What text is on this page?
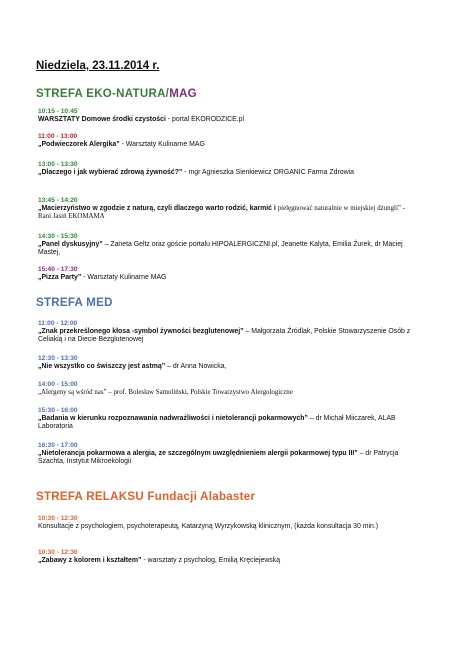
Niedziela, 23.11.2014 r.
STREFA EKO-NATURA/MAG
10:15 - 10:45
WARSZTATY Domowe środki czystości - portal EKORODZICE.pl
11:00 - 13:00
„Podwieczorek Alergika” - Warsztaty Kulinarne MAG
13:00 - 13:30
„Dlaczego i jak wybierać zdrową żywność?” - mgr Agnieszka Sienkiewicz ORGANIC Farma Zdrowia
13:45 - 14:20
„Macierzyństwo w zgodzie z naturą, czyli dlaczego warto rodzić, karmić i pielęgnować naturalnie w miejskiej dżungli” - Rani Jasiń EKOMAMA
14:30 - 15:30
„Panel dyskusyjny” – Zaneta Geltz oraz goście portalu HIPOALERGICZNI.pl, Jeanette Kalyta, Emilia Żurek, dr Maciej Mastej,
15:40 - 17:30
„Pizza Party” - Warsztaty Kulinarne MAG
STREFA MED
11:00 - 12:00
„Znak przekreślonego kłosa -symbol żywności bezglutenowej” – Małgorzata Źródlak, Polskie Stowarzyszenie Osób z Celiakią i na Diecie Bezglutenowej
12:30 - 13:30
„Nie wszystko co świszczy jest astmą” – dr Anna Nowicka,
14:00 - 15:00
„Alergeny są wśród nas” – prof. Bolesław Samoliński, Polskie Towarzystwo Alergologiczne
15:30 - 16:00
„Badania w kierunku rozpoznawania nadwrażliwości i nietolerancji pokarmowych” – dr Michał Miiczarek, ALAB Laboratoria
16:30 - 17:00
„Nietolerancja pokarmowa a alergia, ze szczególnym uwzględnieniem alergii pokarmowej typu III” – dr Patrycja Szachta, Instytut Mikroekologii
STREFA RELAKSU Fundacji Alabaster
10:30 - 12:30
Konsultacje z psychologiem, psychoterapeutą, Katarzyną Wyrzykowską klinicznym, (każda konsultacja 30 min.)
10:30 - 12:30
„Zabawy z kolorem i kształtem” - warsztaty z psycholog, Emilią Kręciejewską
